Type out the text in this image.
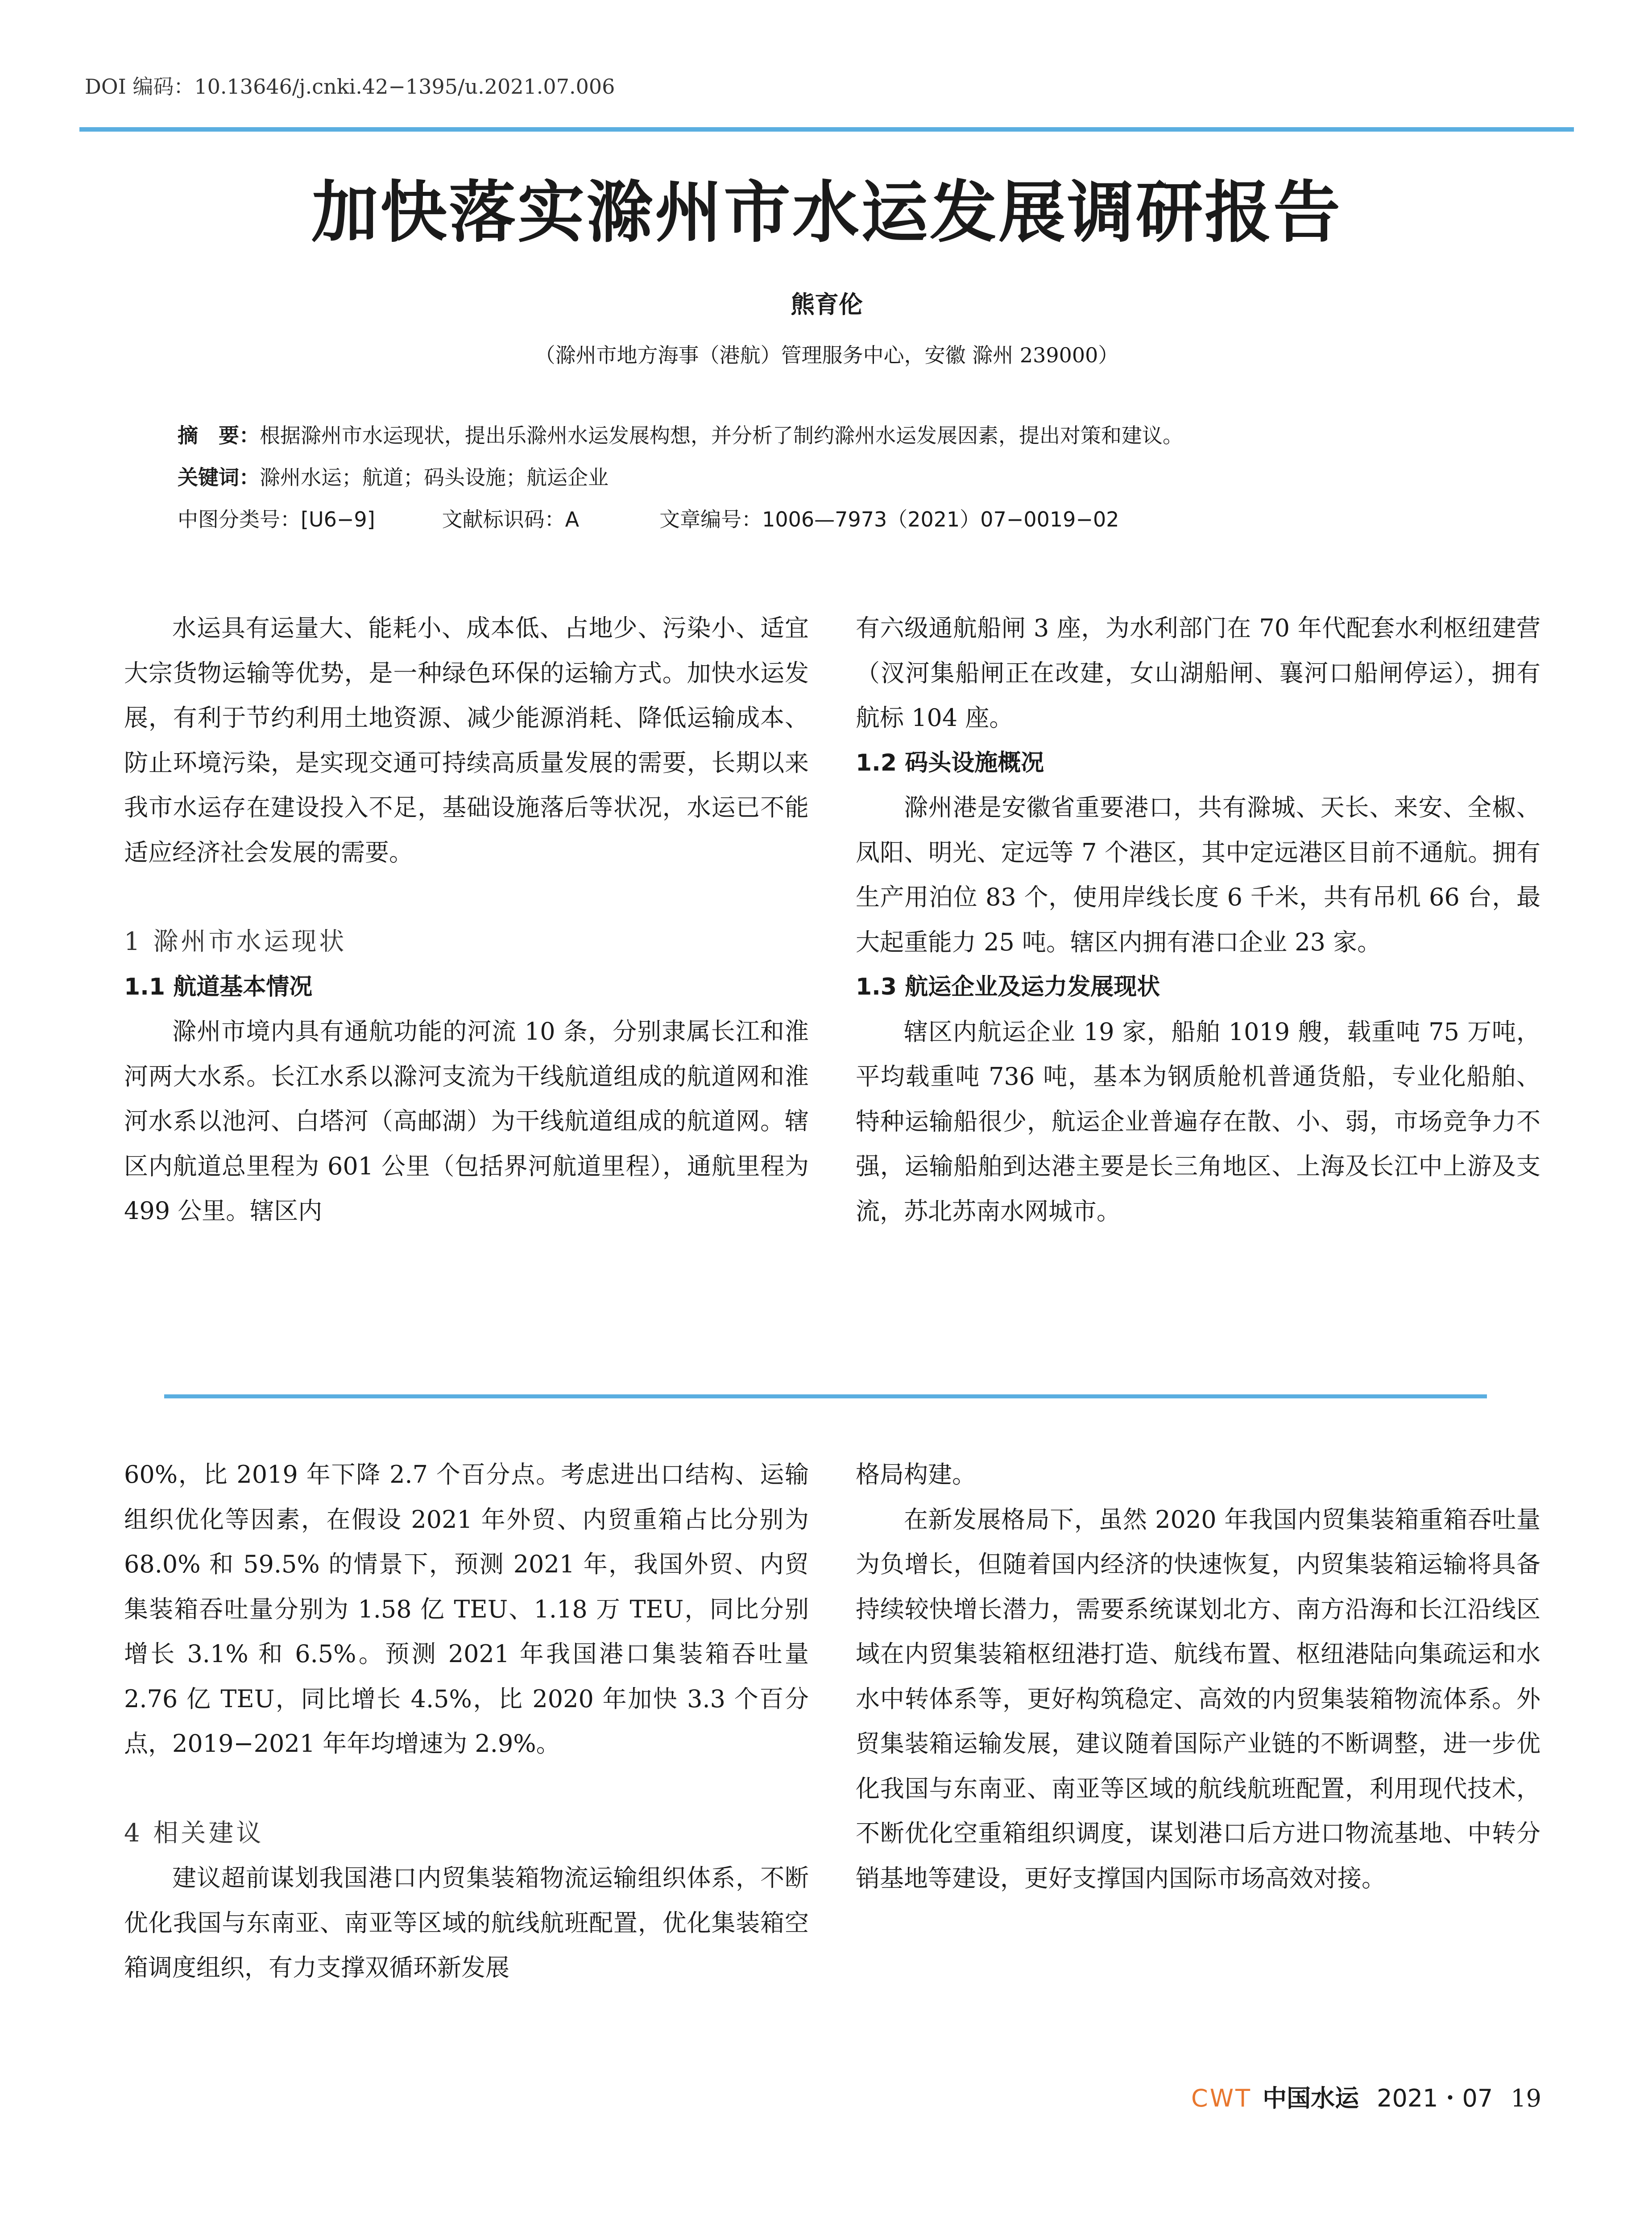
DOI 编码：10.13646/j.cnki.42−1395/u.2021.07.006
加快落实滁州市水运发展调研报告
熊育伦
（滁州市地方海事（港航）管理服务中心，安徽 滁州 239000）
摘　要：根据滁州市水运现状，提出乐滁州水运发展构想，并分析了制约滁州水运发展因素，提出对策和建议。
关键词：滁州水运；航道；码头设施；航运企业
中图分类号：[U6−9]	文献标识码：A	文章编号：1006—7973（2021）07−0019−02

水运具有运量大、能耗小、成本低、占地少、污染小、适宜大宗货物运输等优势，是一种绿色环保的运输方式。加快水运发展，有利于节约利用土地资源、减少能源消耗、降低运输成本、防止环境污染，是实现交通可持续高质量发展的需要，长期以来我市水运存在建设投入不足，基础设施落后等状况，水运已不能适应经济社会发展的需要。

1 滁州市水运现状
1.1 航道基本情况

滁州市境内具有通航功能的河流 10 条，分别隶属长江和淮河两大水系。长江水系以滁河支流为干线航道组成的航道网和淮河水系以池河、白塔河（高邮湖）为干线航道组成的航道网。辖区内航道总里程为 601 公里（包括界河航道里程），通航里程为 499 公里。辖区内

有六级通航船闸 3 座，为水利部门在 70 年代配套水利枢纽建营（汊河集船闸正在改建，女山湖船闸、襄河口船闸停运），拥有航标 104 座。

1.2 码头设施概况

滁州港是安徽省重要港口，共有滁城、天长、来安、全椒、凤阳、明光、定远等 7 个港区，其中定远港区目前不通航。拥有生产用泊位 83 个，使用岸线长度 6 千米，共有吊机 66 台，最大起重能力 25 吨。辖区内拥有港口企业 23 家。

1.3 航运企业及运力发展现状

辖区内航运企业 19 家，船舶 1019 艘，载重吨 75 万吨，平均载重吨 736 吨，基本为钢质舱机普通货船，专业化船舶、特种运输船很少，航运企业普遍存在散、小、弱，市场竞争力不强，运输船舶到达港主要是长三角地区、上海及长江中上游及支流，苏北苏南水网城市。

60%，比 2019 年下降 2.7 个百分点。考虑进出口结构、运输组织优化等因素，在假设 2021 年外贸、内贸重箱占比分别为 68.0% 和 59.5% 的情景下，预测 2021 年，我国外贸、内贸集装箱吞吐量分别为 1.58 亿 TEU、1.18 万 TEU，同比分别增长 3.1% 和 6.5%。预测 2021 年我国港口集装箱吞吐量 2.76 亿 TEU，同比增长 4.5%，比 2020 年加快 3.3 个百分点，2019−2021 年年均增速为 2.9%。

4 相关建议

建议超前谋划我国港口内贸集装箱物流运输组织体系，不断优化我国与东南亚、南亚等区域的航线航班配置，优化集装箱空箱调度组织，有力支撑双循环新发展

格局构建。

在新发展格局下，虽然 2020 年我国内贸集装箱重箱吞吐量为负增长，但随着国内经济的快速恢复，内贸集装箱运输将具备持续较快增长潜力，需要系统谋划北方、南方沿海和长江沿线区域在内贸集装箱枢纽港打造、航线布置、枢纽港陆向集疏运和水水中转体系等，更好构筑稳定、高效的内贸集装箱物流体系。外贸集装箱运输发展，建议随着国际产业链的不断调整，进一步优化我国与东南亚、南亚等区域的航线航班配置，利用现代技术，不断优化空重箱组织调度，谋划港口后方进口物流基地、中转分销基地等建设，更好支撑国内国际市场高效对接。

CWT 中国水运 2021・07 19
